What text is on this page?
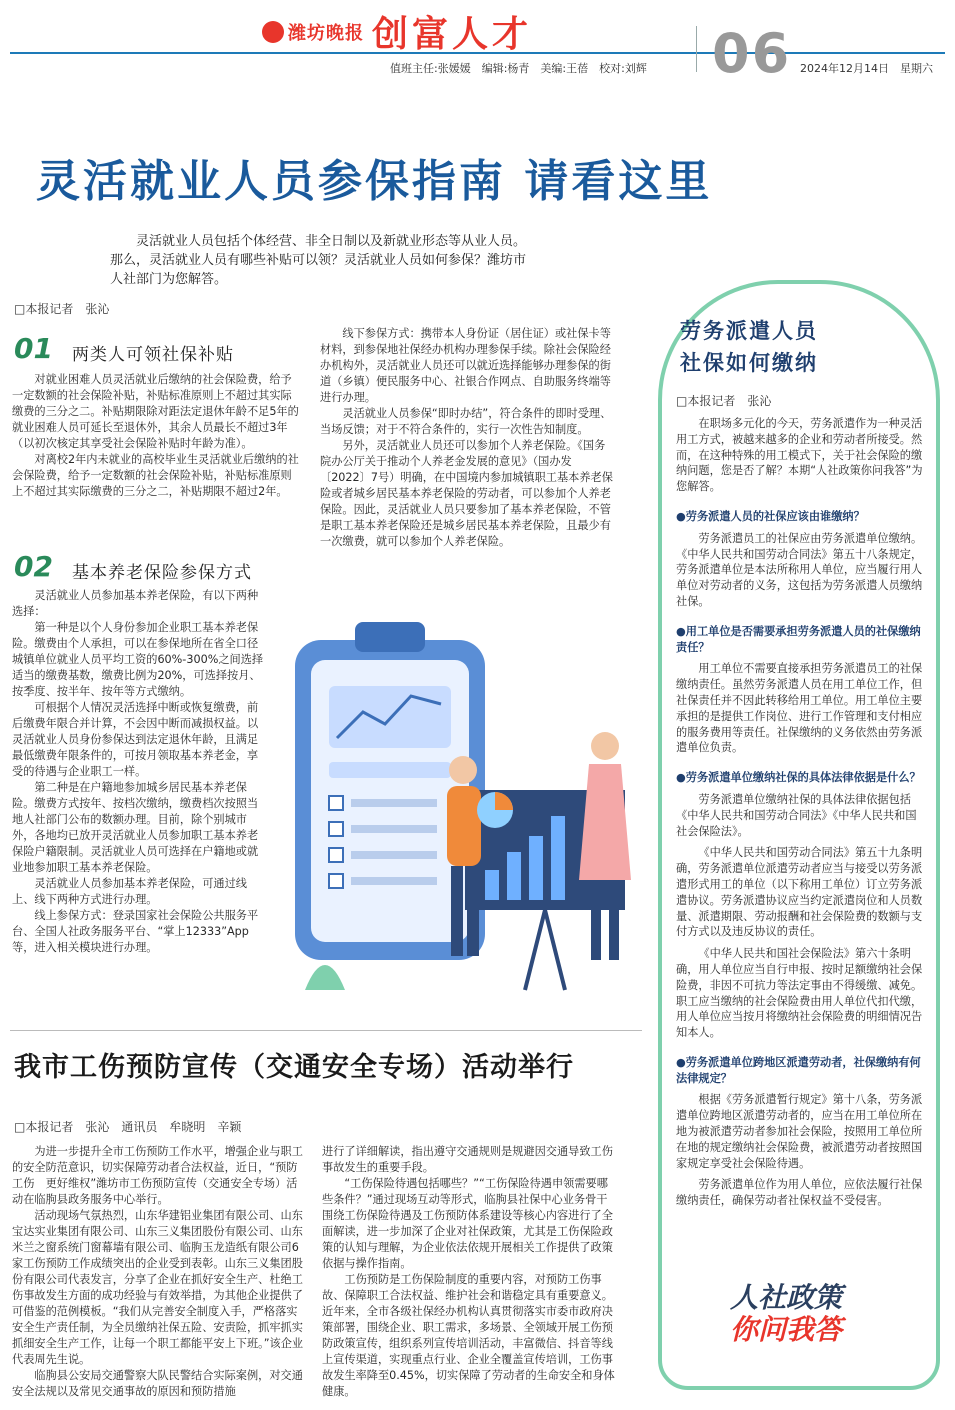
潍坊晚报 创富人才
值班主任:张媛媛　编辑:杨青　美编:王蓓　校对:刘辉 06 2024年12月14日　星期六
灵活就业人员参保指南 请看这里
灵活就业人员包括个体经营、非全日制以及新就业形态等从业人员。那么，灵活就业人员有哪些补贴可以领？灵活就业人员如何参保？潍坊市人社部门为您解答。
□本报记者　张沁
01 两类人可领社保补贴

对就业困难人员灵活就业后缴纳的社会保险费，给予一定数额的社会保险补贴，补贴标准原则上不超过其实际缴费的三分之二。补贴期限除对距法定退休年龄不足5年的就业困难人员可延长至退休外，其余人员最长不超过3年（以初次核定其享受社会保险补贴时年龄为准）。

对离校2年内未就业的高校毕业生灵活就业后缴纳的社会保险费，给予一定数额的社会保险补贴，补贴标准原则上不超过其实际缴费的三分之二，补贴期限不超过2年。

02 基本养老保险参保方式

灵活就业人员参加基本养老保险，有以下两种选择：

第一种是以个人身份参加企业职工基本养老保险。缴费由个人承担，可以在参保地所在省全口径城镇单位就业人员平均工资的60%-300%之间选择适当的缴费基数，缴费比例为20%，可选择按月、按季度、按半年、按年等方式缴纳。

可根据个人情况灵活选择中断或恢复缴费，前后缴费年限合并计算，不会因中断而减损权益。以灵活就业人员身份参保达到法定退休年龄，且满足最低缴费年限条件的，可按月领取基本养老金，享受的待遇与企业职工一样。

第二种是在户籍地参加城乡居民基本养老保险。缴费方式按年、按档次缴纳，缴费档次按照当地人社部门公布的数额办理。目前，除个别城市外，各地均已放开灵活就业人员参加职工基本养老保险户籍限制。灵活就业人员可选择在户籍地或就业地参加职工基本养老保险。

灵活就业人员参加基本养老保险，可通过线上、线下两种方式进行办理。

线上参保方式：登录国家社会保险公共服务平台、全国人社政务服务平台、“掌上12333”App等，进入相关模块进行办理。

线下参保方式：携带本人身份证（居住证）或社保卡等材料，到参保地社保经办机构办理参保手续。除社会保险经办机构外，灵活就业人员还可以就近选择能够办理参保的街道（乡镇）便民服务中心、社银合作网点、自助服务终端等进行办理。

灵活就业人员参保“即时办结”，符合条件的即时受理、当场反馈；对于不符合条件的，实行一次性告知制度。

另外，灵活就业人员还可以参加个人养老保险。《国务院办公厅关于推动个人养老金发展的意见》（国办发〔2022〕7号）明确，在中国境内参加城镇职工基本养老保险或者城乡居民基本养老保险的劳动者，可以参加个人养老保险。因此，灵活就业人员只要参加了基本养老保险，不管是职工基本养老保险还是城乡居民基本养老保险，且最少有一次缴费，就可以参加个人养老保险。

劳务派遣人员
社保如何缴纳
□本报记者　张沁

在职场多元化的今天，劳务派遣作为一种灵活用工方式，被越来越多的企业和劳动者所接受。然而，在这种特殊的用工模式下，关于社会保险的缴纳问题，您是否了解？本期“人社政策你问我答”为您解答。

●劳务派遣人员的社保应该由谁缴纳？

劳务派遣员工的社保应由劳务派遣单位缴纳。《中华人民共和国劳动合同法》第五十八条规定，劳务派遣单位是本法所称用人单位，应当履行用人单位对劳动者的义务，这包括为劳务派遣人员缴纳社保。

●用工单位是否需要承担劳务派遣人员的社保缴纳责任？

用工单位不需要直接承担劳务派遣员工的社保缴纳责任。虽然劳务派遣人员在用工单位工作，但社保责任并不因此转移给用工单位。用工单位主要承担的是提供工作岗位、进行工作管理和支付相应的服务费用等责任。社保缴纳的义务依然由劳务派遣单位负责。

●劳务派遣单位缴纳社保的具体法律依据是什么？

劳务派遣单位缴纳社保的具体法律依据包括《中华人民共和国劳动合同法》《中华人民共和国社会保险法》。

《中华人民共和国劳动合同法》第五十九条明确，劳务派遣单位派遣劳动者应当与接受以劳务派遣形式用工的单位（以下称用工单位）订立劳务派遣协议。劳务派遣协议应当约定派遣岗位和人员数量、派遣期限、劳动报酬和社会保险费的数额与支付方式以及违反协议的责任。

《中华人民共和国社会保险法》第六十条明确，用人单位应当自行申报、按时足额缴纳社会保险费，非因不可抗力等法定事由不得缓缴、减免。职工应当缴纳的社会保险费由用人单位代扣代缴，用人单位应当按月将缴纳社会保险费的明细情况告知本人。

●劳务派遣单位跨地区派遣劳动者，社保缴纳有何法律规定？

根据《劳务派遣暂行规定》第十八条，劳务派遣单位跨地区派遣劳动者的，应当在用工单位所在地为被派遣劳动者参加社会保险，按照用工单位所在地的规定缴纳社会保险费，被派遣劳动者按照国家规定享受社会保险待遇。

劳务派遣单位作为用人单位，应依法履行社保缴纳责任，确保劳动者社保权益不受侵害。

人社政策
你问我答
我市工伤预防宣传（交通安全专场）活动举行
□本报记者　张沁　通讯员　牟晓明　辛颖

为进一步提升全市工伤预防工作水平，增强企业与职工的安全防范意识，切实保障劳动者合法权益，近日，“预防工伤　更好维权”潍坊市工伤预防宣传（交通安全专场）活动在临朐县政务服务中心举行。

活动现场气氛热烈，山东华建铝业集团有限公司、山东宝达实业集团有限公司、山东三义集团股份有限公司、山东米兰之窗系统门窗幕墙有限公司、临朐玉龙造纸有限公司6家工伤预防工作成绩突出的企业受到表彰。山东三义集团股份有限公司代表发言，分享了企业在抓好安全生产、杜绝工伤事故发生方面的成功经验与有效举措，为其他企业提供了可借鉴的范例模板。“我们从完善安全制度入手，严格落实安全生产责任制，为全员缴纳社保五险、安责险，抓牢抓实抓细安全生产工作，让每一个职工都能平安上下班。”该企业代表周先生说。

临朐县公安局交通警察大队民警结合实际案例，对交通安全法规以及常见交通事故的原因和预防措施

进行了详细解读，指出遵守交通规则是规避因交通导致工伤事故发生的重要手段。

“工伤保险待遇包括哪些？”“工伤保险待遇申领需要哪些条件？”通过现场互动等形式，临朐县社保中心业务骨干围绕工伤保险待遇及工伤预防体系建设等核心内容进行了全面解读，进一步加深了企业对社保政策，尤其是工伤保险政策的认知与理解，为企业依法依规开展相关工作提供了政策依据与操作指南。

工伤预防是工伤保险制度的重要内容，对预防工伤事故、保障职工合法权益、维护社会和谐稳定具有重要意义。近年来，全市各级社保经办机构认真贯彻落实市委市政府决策部署，围绕企业、职工需求，多场景、全领域开展工伤预防政策宣传，组织系列宣传培训活动，丰富微信、抖音等线上宣传渠道，实现重点行业、企业全覆盖宣传培训，工伤事故发生率降至0.45%，切实保障了劳动者的生命安全和身体健康。
